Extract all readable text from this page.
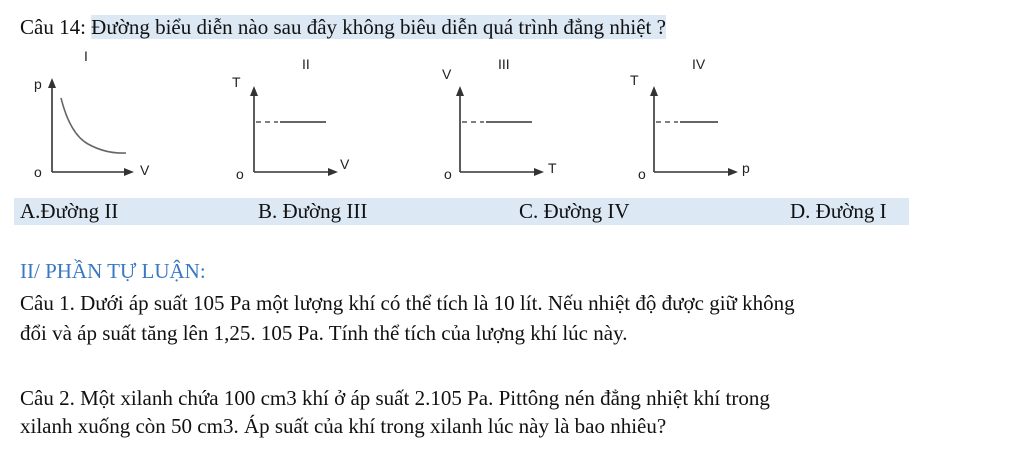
Câu 14: Đường biểu diễn nào sau đây không biêu diễn quá trình đẳng nhiệt ?
I
p
V
o
II
T
V
o
III
V
T
o
IV
T
p
o
A.Đường II	B. Đường III	C. Đường IV	D. Đường I
II/ PHẦN TỰ LUẬN:
Câu 1. Dưới áp suất 105 Pa một lượng khí có thể tích là 10 lít. Nếu nhiệt độ được giữ không
đổi và áp suất tăng lên 1,25. 105 Pa. Tính thể tích của lượng khí lúc này.
Câu 2. Một xilanh chứa 100 cm3 khí ở áp suất 2.105 Pa. Pittông nén đẳng nhiệt khí trong
xilanh xuống còn 50 cm3. Áp suất của khí trong xilanh lúc này là bao nhiêu?
